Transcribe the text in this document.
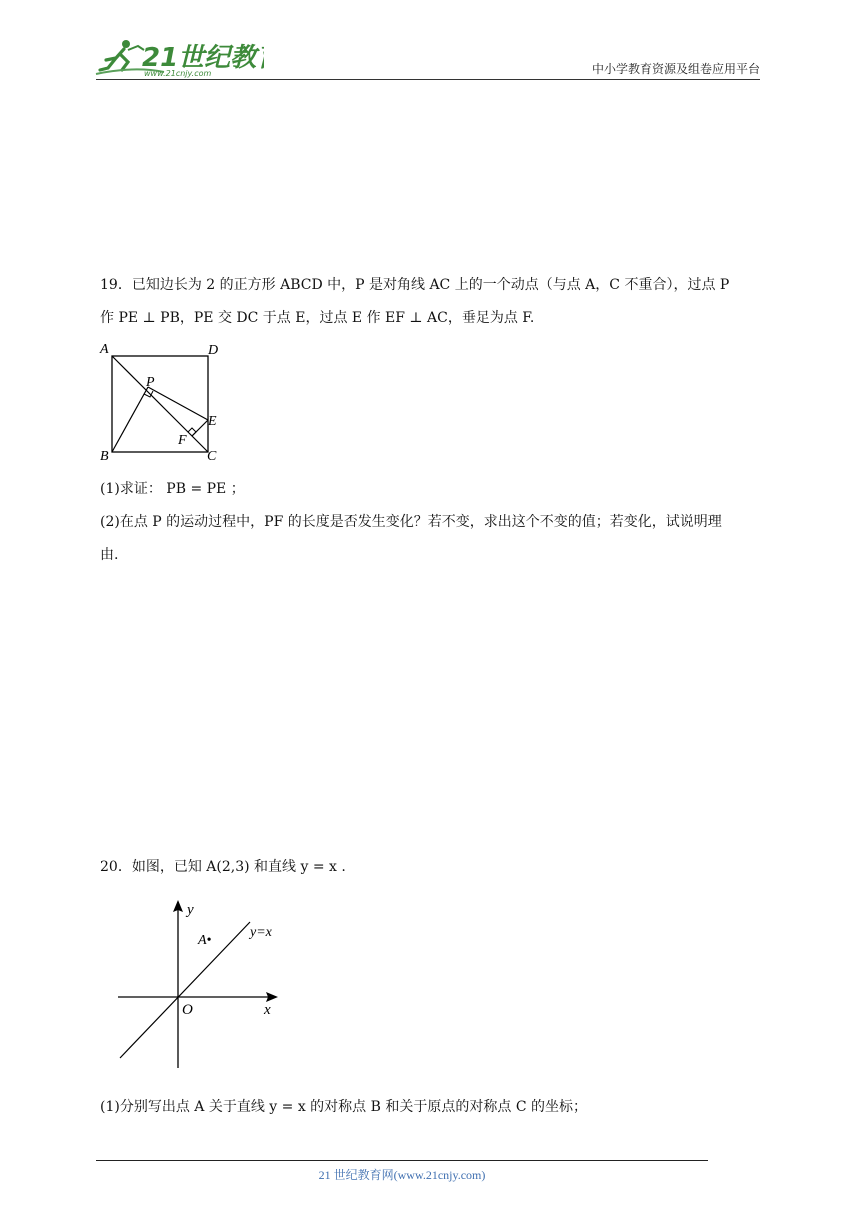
21世纪教
www.21cnjy.com	中小学教育资源及组卷应用平台
19．已知边长为 2 的正方形 ABCD 中，P 是对角线 AC 上的一个动点（与点 A，C 不重合），过点 P
作 PE ⊥ PB，PE 交 DC 于点 E，过点 E 作 EF ⊥ AC，垂足为点 F.
A	D
B	C
P
E
F
(1)求证： PB = PE ；
(2)在点 P 的运动过程中，PF 的长度是否发生变化？若不变，求出这个不变的值；若变化，试说明理
由.
20．如图，已知 A(2,3) 和直线 y = x .
y
x
O
A•
y=x
(1)分别写出点 A 关于直线 y = x 的对称点 B 和关于原点的对称点 C 的坐标；
21 世纪教育网(www.21cnjy.com)
